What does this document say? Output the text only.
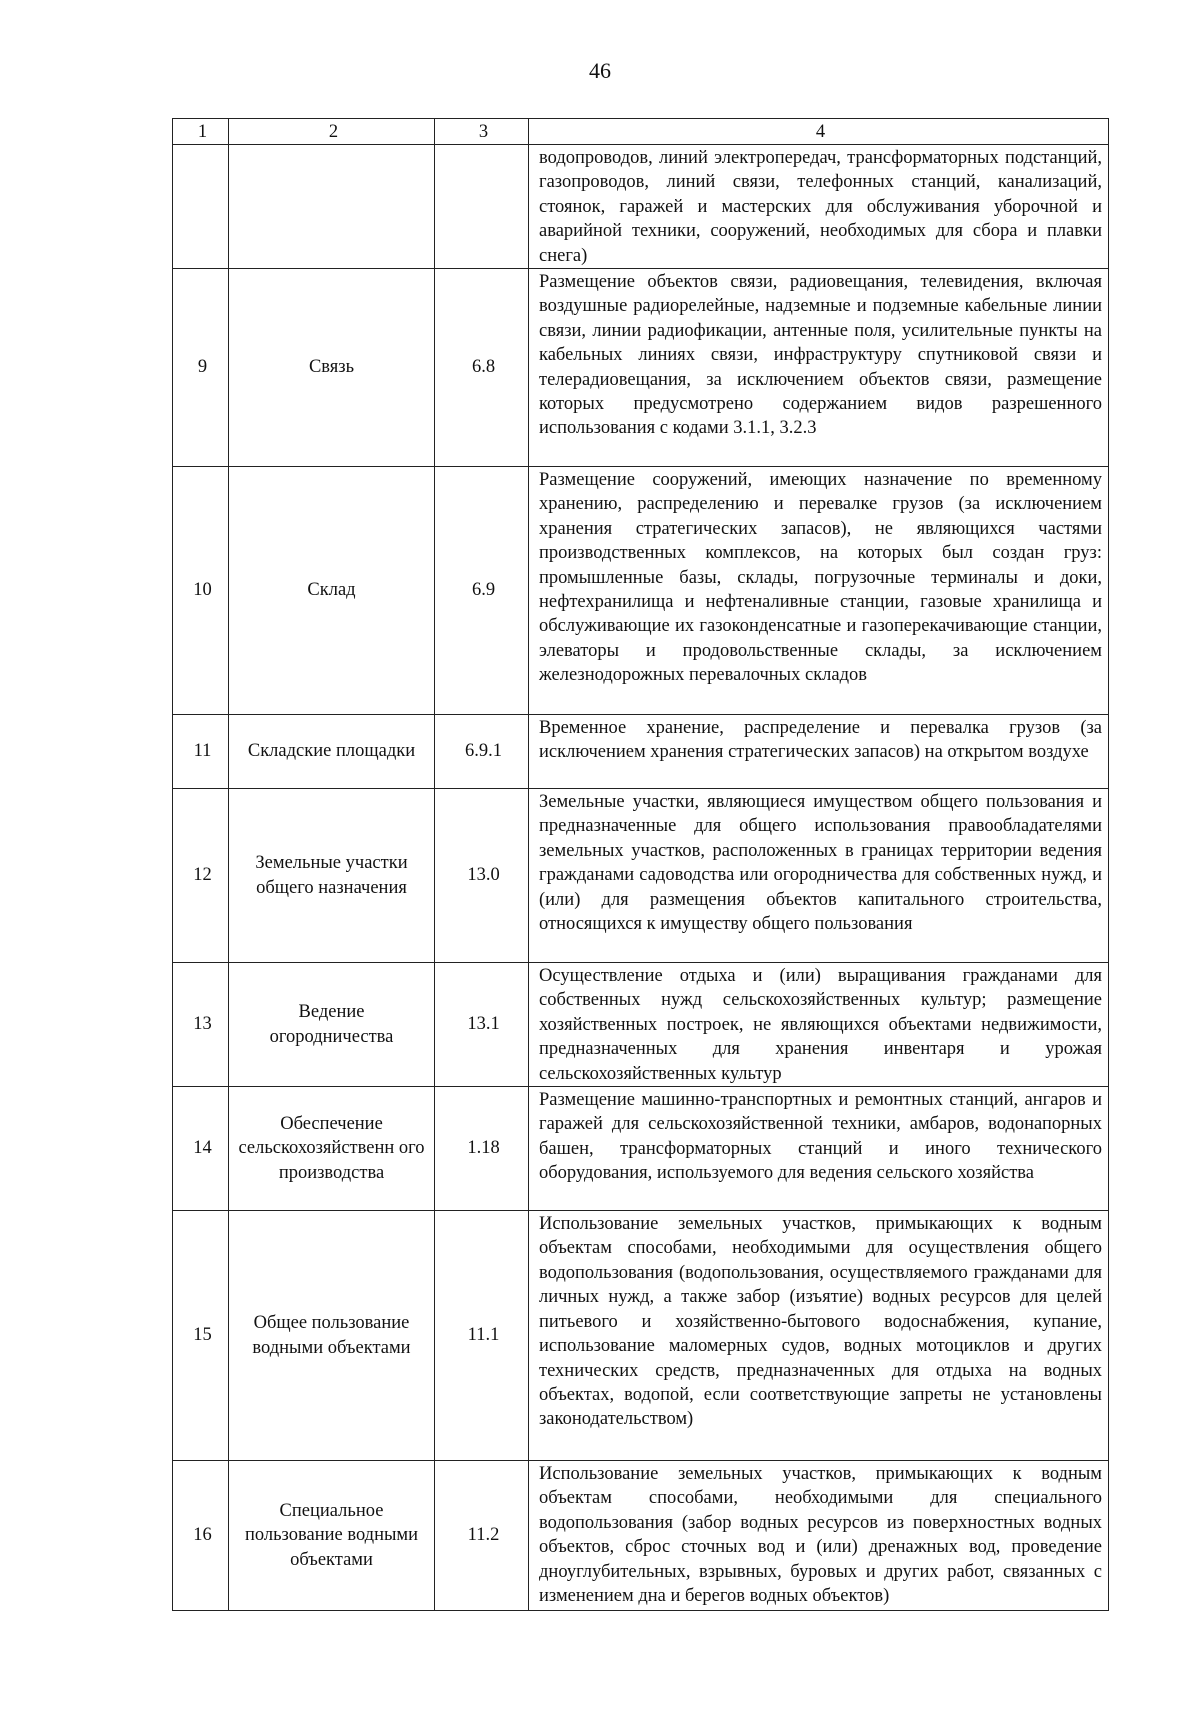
46
1	2	3	4
			водопроводов, линий электропередач, трансформаторных подстанций, газопроводов, линий связи, телефонных станций, канализаций, стоянок, гаражей и мастерских для обслуживания уборочной и аварийной техники, сооружений, необходимых для сбора и плавки снега)
9	Связь	6.8	Размещение объектов связи, радиовещания, телевидения, включая воздушные радиорелейные, надземные и подземные кабельные линии связи, линии радиофикации, антенные поля, усилительные пункты на кабельных линиях связи, инфраструктуру спутниковой связи и телерадиовещания, за исключением объектов связи, размещение которых предусмотрено содержанием видов разрешенного использования с кодами 3.1.1, 3.2.3
10	Склад	6.9	Размещение сооружений, имеющих назначение по временному хранению, распределению и перевалке грузов (за исключением хранения стратегических запасов), не являющихся частями производственных комплексов, на которых был создан груз: промышленные базы, склады, погрузочные терминалы и доки, нефтехранилища и нефтеналивные станции, газовые хранилища и обслуживающие их газоконденсатные и газоперекачивающие станции, элеваторы и продовольственные склады, за исключением железнодорожных перевалочных складов
11	Складские площадки	6.9.1	Временное хранение, распределение и перевалка грузов (за исключением хранения стратегических запасов) на открытом воздухе
12	Земельные участки общего назначения	13.0	Земельные участки, являющиеся имуществом общего пользования и предназначенные для общего использования правообладателями земельных участков, расположенных в границах территории ведения гражданами садоводства или огородничества для собственных нужд, и (или) для размещения объектов капитального строительства, относящихся к имуществу общего пользования
13	Ведение огородничества	13.1	Осуществление отдыха и (или) выращивания гражданами для собственных нужд сельскохозяйственных культур; размещение хозяйственных построек, не являющихся объектами недвижимости, предназначенных для хранения инвентаря и урожая сельскохозяйственных культур
14	Обеспечение сельскохозяйственн ого производства	1.18	Размещение машинно-транспортных и ремонтных станций, ангаров и гаражей для сельскохозяйственной техники, амбаров, водонапорных башен, трансформаторных станций и иного технического оборудования, используемого для ведения сельского хозяйства
15	Общее пользование водными объектами	11.1	Использование земельных участков, примыкающих к водным объектам способами, необходимыми для осуществления общего водопользования (водопользования, осуществляемого гражданами для личных нужд, а также забор (изъятие) водных ресурсов для целей питьевого и хозяйственно-бытового водоснабжения, купание, использование маломерных судов, водных мотоциклов и других технических средств, предназначенных для отдыха на водных объектах, водопой, если соответствующие запреты не установлены законодательством)
16	Специальное пользование водными объектами	11.2	Использование земельных участков, примыкающих к водным объектам способами, необходимыми для специального водопользования (забор водных ресурсов из поверхностных водных объектов, сброс сточных вод и (или) дренажных вод, проведение дноуглубительных, взрывных, буровых и других работ, связанных с изменением дна и берегов водных объектов)
